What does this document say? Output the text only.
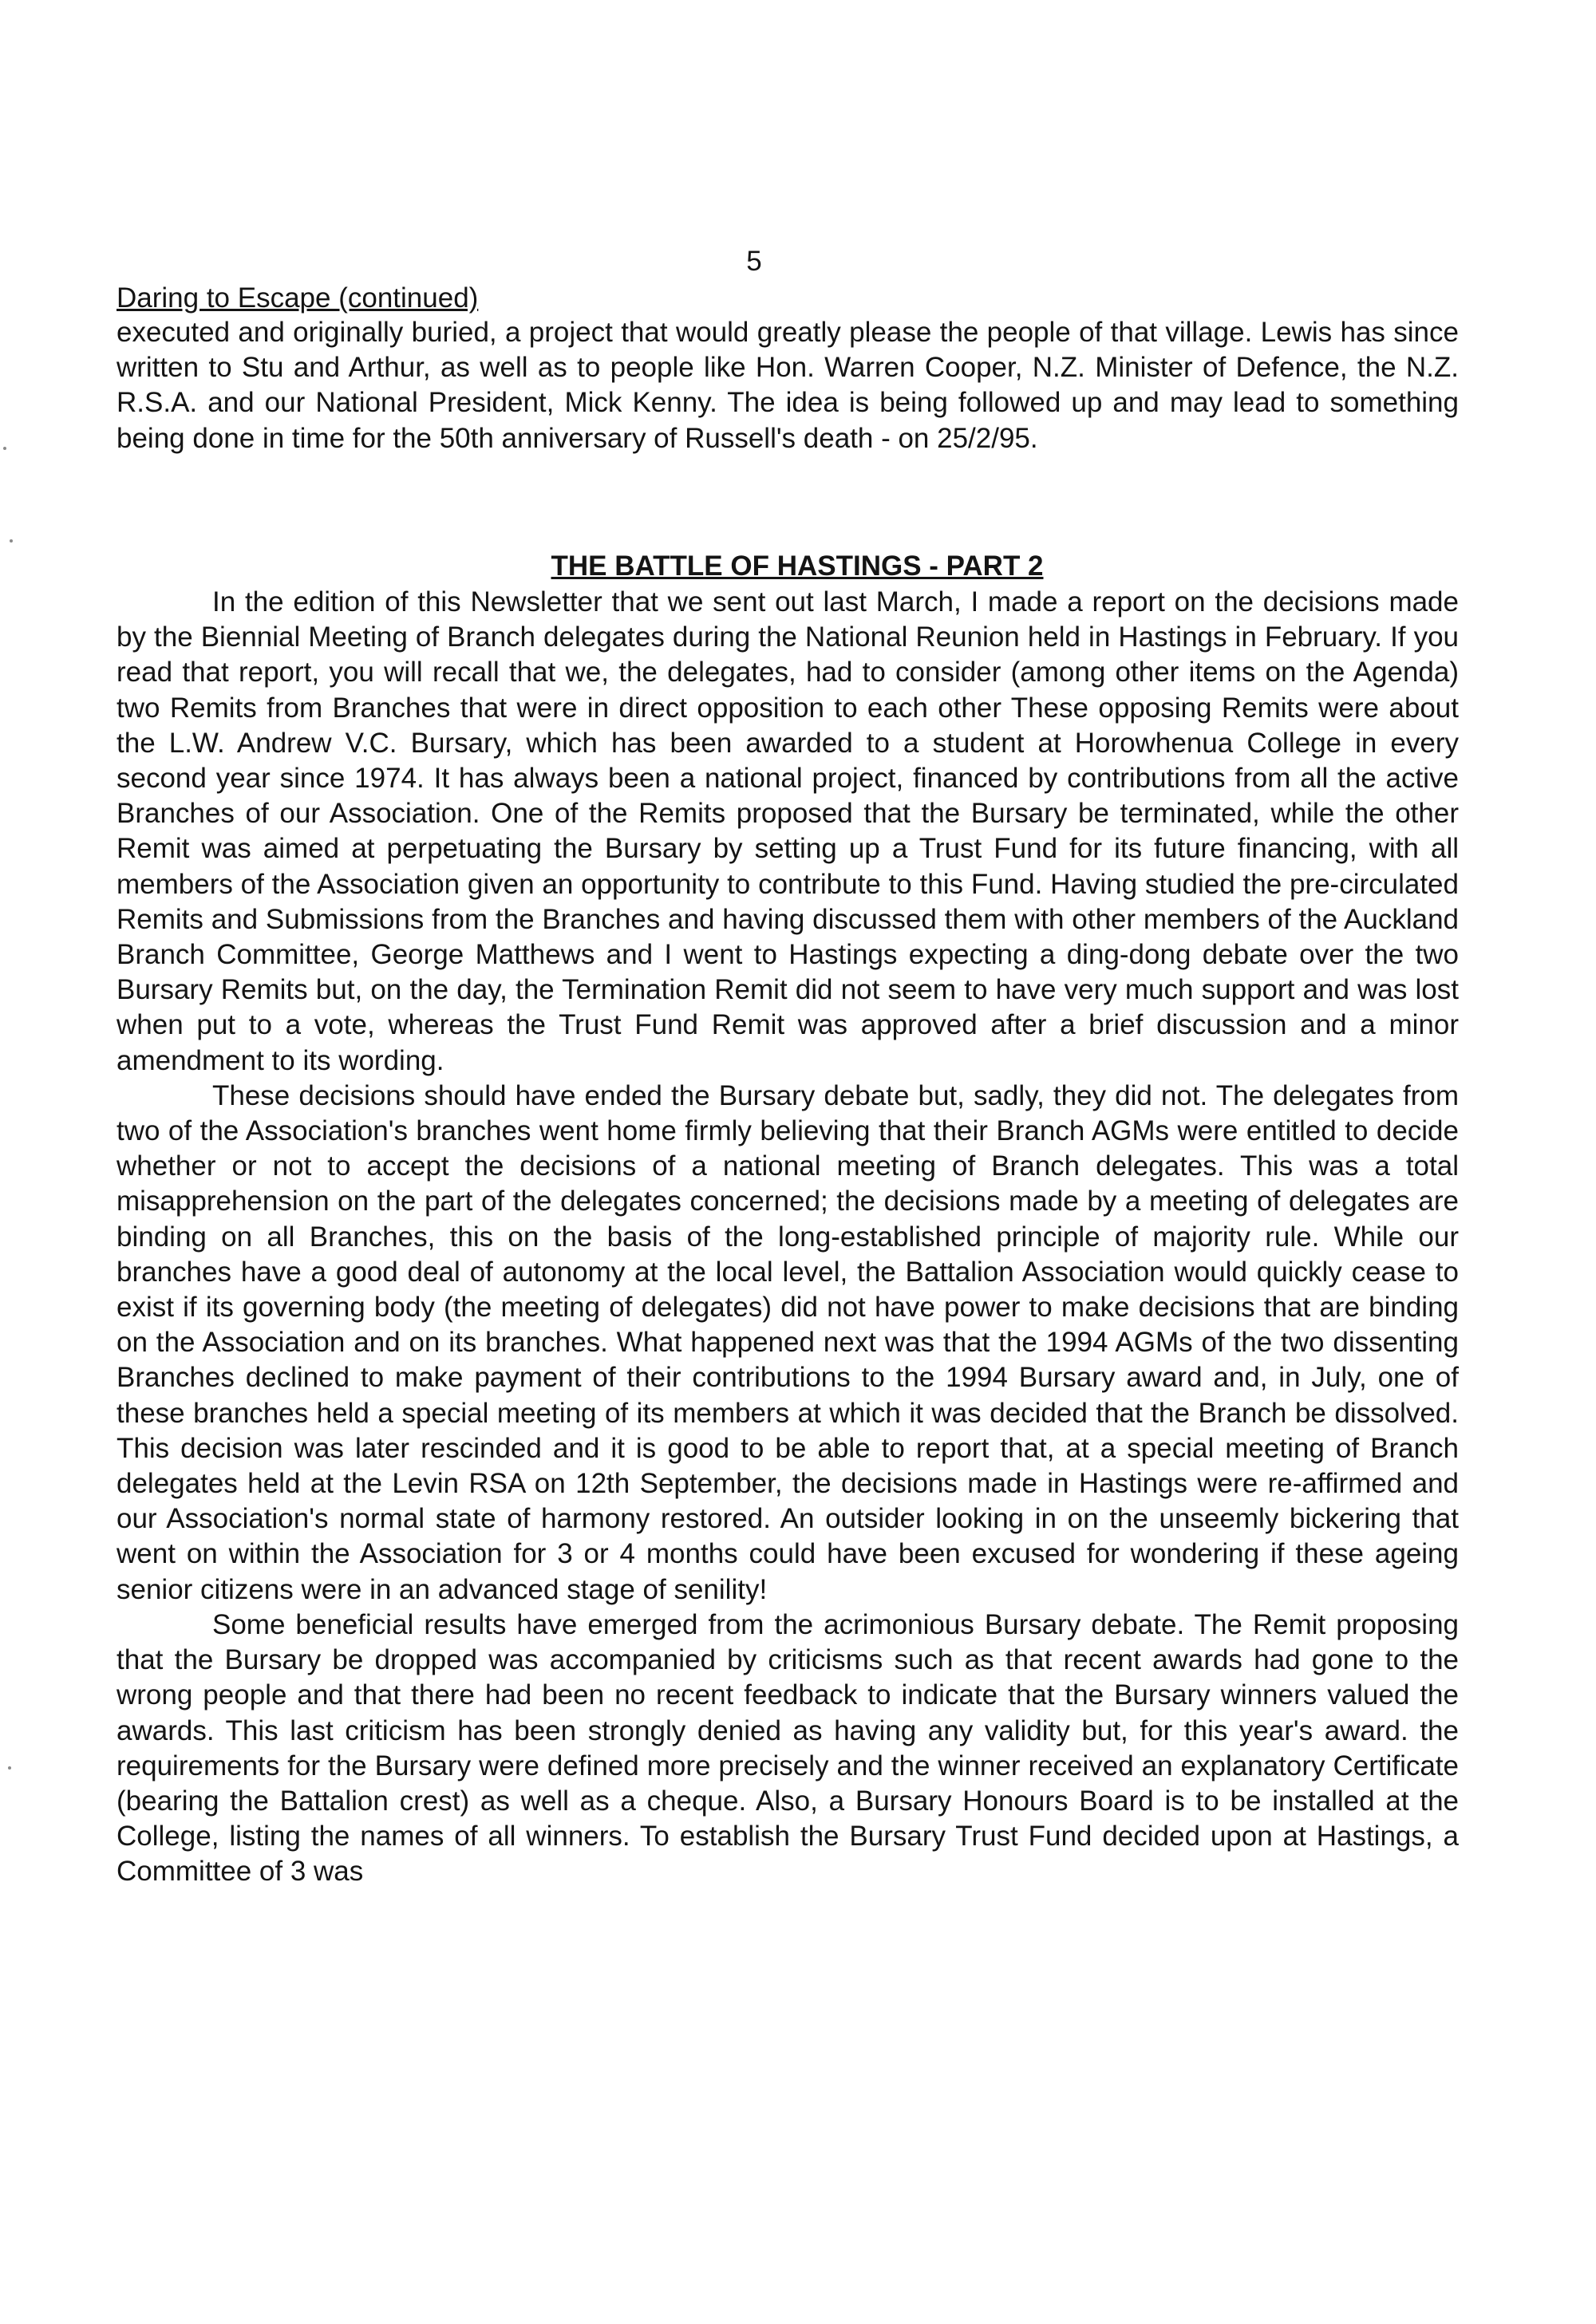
5
Daring to Escape (continued)

executed and originally buried, a project that would greatly please the people of that village. Lewis has since written to Stu and Arthur, as well as to people like Hon. Warren Cooper, N.Z. Minister of Defence, the N.Z. R.S.A. and our National President, Mick Kenny. The idea is being followed up and may lead to something being done in time for the 50th anniversary of Russell's death - on 25/2/95.

THE BATTLE OF HASTINGS - PART 2

In the edition of this Newsletter that we sent out last March, I made a report on the decisions made by the Biennial Meeting of Branch delegates during the National Reunion held in Hastings in February. If you read that report, you will recall that we, the delegates, had to consider (among other items on the Agenda) two Remits from Branches that were in direct opposition to each other These opposing Remits were about the L.W. Andrew V.C. Bursary, which has been awarded to a student at Horowhenua College in every second year since 1974. It has always been a national project, financed by contributions from all the active Branches of our Association. One of the Remits proposed that the Bursary be terminated, while the other Remit was aimed at perpetuating the Bursary by setting up a Trust Fund for its future financing, with all members of the Association given an opportunity to contribute to this Fund. Having studied the pre-circulated Remits and Submissions from the Branches and having discussed them with other members of the Auckland Branch Committee, George Matthews and I went to Hastings expecting a ding-dong debate over the two Bursary Remits but, on the day, the Termination Remit did not seem to have very much support and was lost when put to a vote, whereas the Trust Fund Remit was approved after a brief discussion and a minor amendment to its wording.

These decisions should have ended the Bursary debate but, sadly, they did not. The delegates from two of the Association's branches went home firmly believing that their Branch AGMs were entitled to decide whether or not to accept the decisions of a national meeting of Branch delegates. This was a total misapprehension on the part of the delegates concerned; the decisions made by a meeting of delegates are binding on all Branches, this on the basis of the long-established principle of majority rule. While our branches have a good deal of autonomy at the local level, the Battalion Association would quickly cease to exist if its governing body (the meeting of delegates) did not have power to make decisions that are binding on the Association and on its branches. What happened next was that the 1994 AGMs of the two dissenting Branches declined to make payment of their contributions to the 1994 Bursary award and, in July, one of these branches held a special meeting of its members at which it was decided that the Branch be dissolved. This decision was later rescinded and it is good to be able to report that, at a special meeting of Branch delegates held at the Levin RSA on 12th September, the decisions made in Hastings were re-affirmed and our Association's normal state of harmony restored. An outsider looking in on the unseemly bickering that went on within the Association for 3 or 4 months could have been excused for wondering if these ageing senior citizens were in an advanced stage of senility!

Some beneficial results have emerged from the acrimonious Bursary debate. The Remit proposing that the Bursary be dropped was accompanied by criticisms such as that recent awards had gone to the wrong people and that there had been no recent feedback to indicate that the Bursary winners valued the awards. This last criticism has been strongly denied as having any validity but, for this year's award. the requirements for the Bursary were defined more precisely and the winner received an explanatory Certificate (bearing the Battalion crest) as well as a cheque. Also, a Bursary Honours Board is to be installed at the College, listing the names of all winners. To establish the Bursary Trust Fund decided upon at Hastings, a Committee of 3 was
